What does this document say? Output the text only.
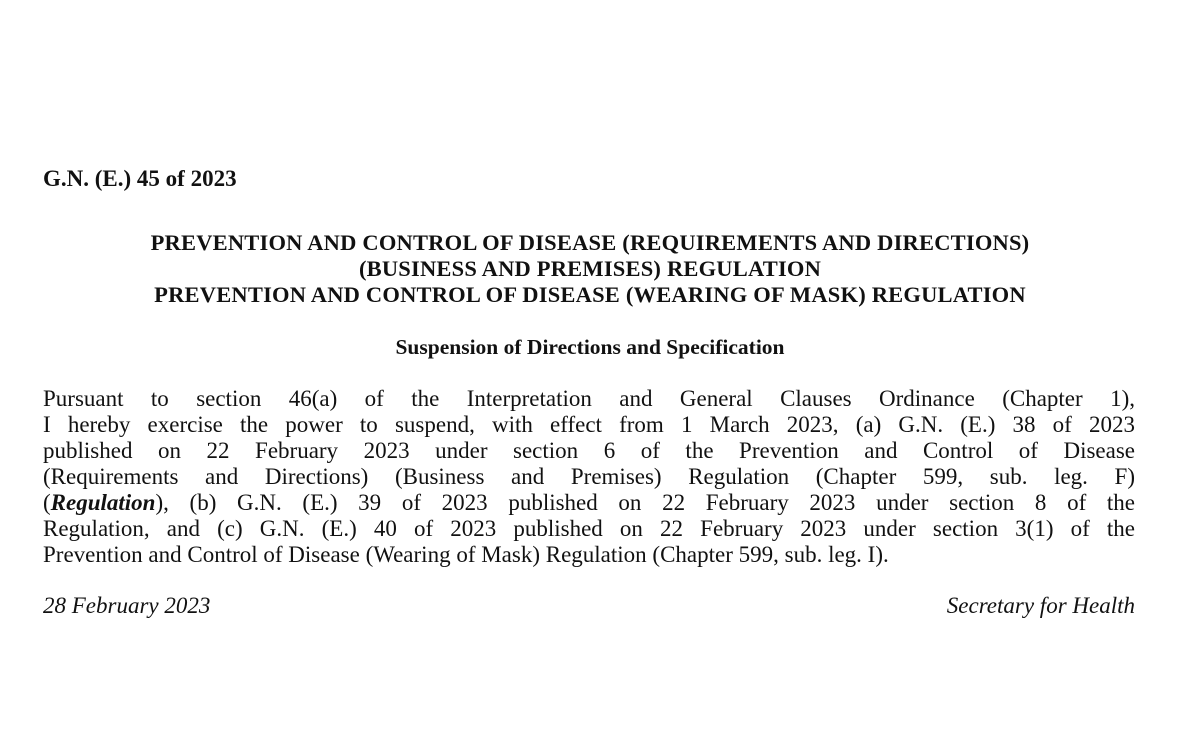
G.N. (E.) 45 of 2023
PREVENTION AND CONTROL OF DISEASE (REQUIREMENTS AND DIRECTIONS)
(BUSINESS AND PREMISES) REGULATION
PREVENTION AND CONTROL OF DISEASE (WEARING OF MASK) REGULATION
Suspension of Directions and Specification

Pursuant to section 46(a) of the Interpretation and General Clauses Ordinance (Chapter 1),
I hereby exercise the power to suspend, with effect from 1 March 2023, (a) G.N. (E.) 38 of 2023
published on 22 February 2023 under section 6 of the Prevention and Control of Disease
(Requirements and Directions) (Business and Premises) Regulation (Chapter 599, sub. leg. F)
(Regulation), (b) G.N. (E.) 39 of 2023 published on 22 February 2023 under section 8 of the
Regulation, and (c) G.N. (E.) 40 of 2023 published on 22 February 2023 under section 3(1) of the
Prevention and Control of Disease (Wearing of Mask) Regulation (Chapter 599, sub. leg. I).

28 February 2023	Secretary for Health
